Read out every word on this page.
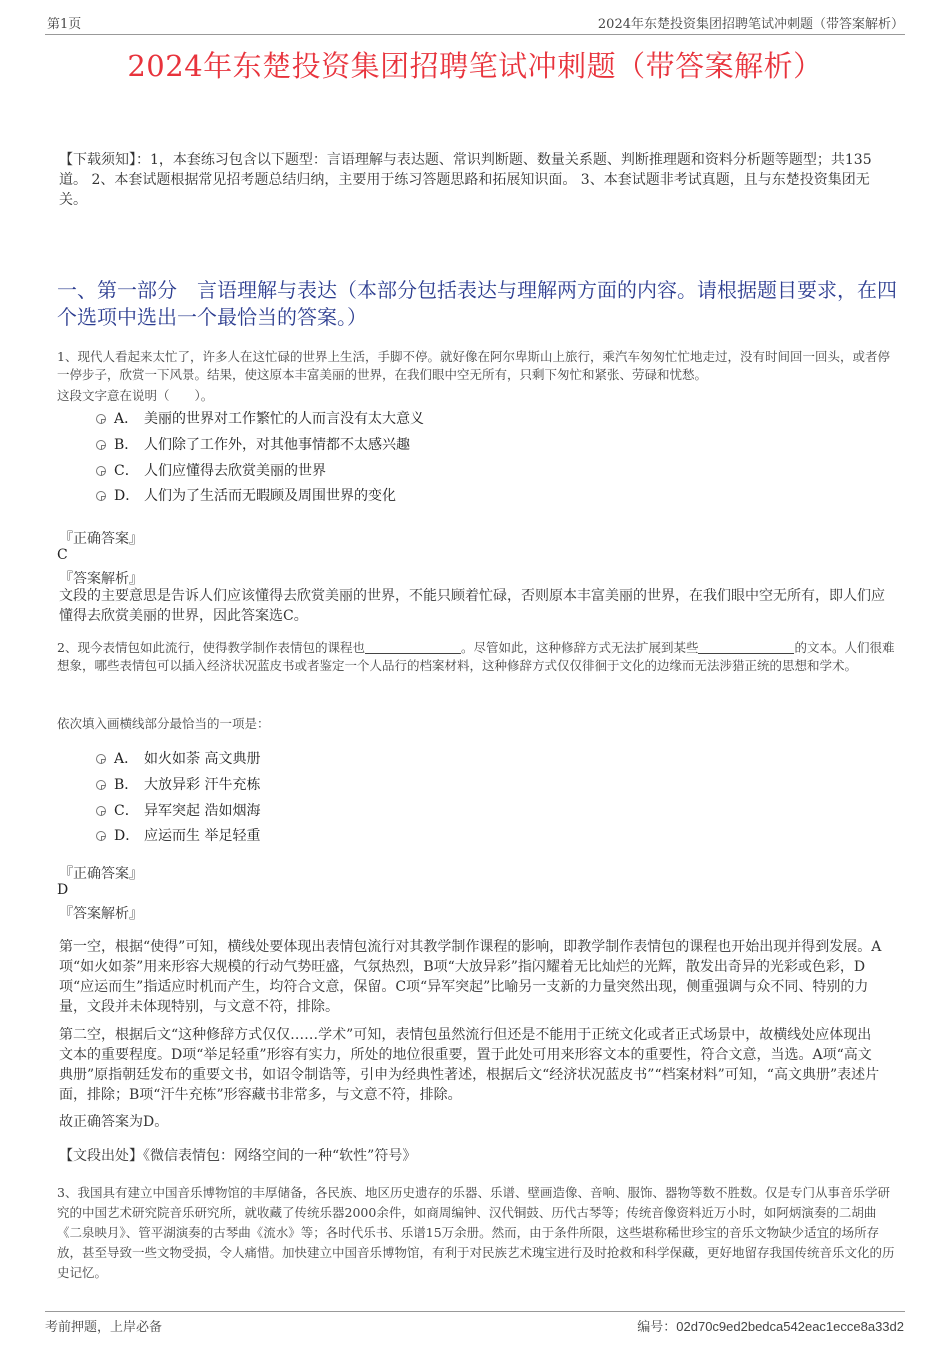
第1页	2024年东楚投资集团招聘笔试冲刺题（带答案解析）
2024年东楚投资集团招聘笔试冲刺题（带答案解析）
【下载须知】：1，本套练习包含以下题型：言语理解与表达题、常识判断题、数量关系题、判断推理题和资料分析题等题型；共135道。 2、本套试题根据常见招考题总结归纳，主要用于练习答题思路和拓展知识面。 3、本套试题非考试真题，且与东楚投资集团无关。
一、第一部分　言语理解与表达（本部分包括表达与理解两方面的内容。请根据题目要求，在四个选项中选出一个最恰当的答案。）
1、现代人看起来太忙了，许多人在这忙碌的世界上生活，手脚不停。就好像在阿尔卑斯山上旅行，乘汽车匆匆忙忙地走过，没有时间回一回头，或者停一停步子，欣赏一下风景。结果，使这原本丰富美丽的世界，在我们眼中空无所有，只剩下匆忙和紧张、劳碌和忧愁。
这段文字意在说明（　　）。
A． 美丽的世界对工作繁忙的人而言没有太大意义
B． 人们除了工作外，对其他事情都不太感兴趣
C． 人们应懂得去欣赏美丽的世界
D． 人们为了生活而无暇顾及周围世界的变化
『正确答案』
C
『答案解析』
文段的主要意思是告诉人们应该懂得去欣赏美丽的世界，不能只顾着忙碌，否则原本丰富美丽的世界，在我们眼中空无所有，即人们应懂得去欣赏美丽的世界，因此答案选C。
2、现今表情包如此流行，使得教学制作表情包的课程也	。尽管如此，这种修辞方式无法扩展到某些	的文本。人们很难想象，哪些表情包可以插入经济状况蓝皮书或者鉴定一个人品行的档案材料，这种修辞方式仅仅徘徊于文化的边缘而无法涉猎正统的思想和学术。
依次填入画横线部分最恰当的一项是：
A． 如火如荼 高文典册
B． 大放异彩 汗牛充栋
C． 异军突起 浩如烟海
D． 应运而生 举足轻重
『正确答案』
D
『答案解析』
第一空，根据“使得”可知，横线处要体现出表情包流行对其教学制作课程的影响，即教学制作表情包的课程也开始出现并得到发展。A项“如火如荼”用来形容大规模的行动气势旺盛，气氛热烈，B项“大放异彩”指闪耀着无比灿烂的光辉，散发出奇异的光彩或色彩，D项“应运而生”指适应时机而产生，均符合文意，保留。C项“异军突起”比喻另一支新的力量突然出现，侧重强调与众不同、特别的力量，文段并未体现特别，与文意不符，排除。
第二空，根据后文“这种修辞方式仅仅……学术”可知，表情包虽然流行但还是不能用于正统文化或者正式场景中，故横线处应体现出文本的重要程度。D项“举足轻重”形容有实力，所处的地位很重要，置于此处可用来形容文本的重要性，符合文意，当选。A项“高文典册”原指朝廷发布的重要文书，如诏令制诰等，引申为经典性著述，根据后文“经济状况蓝皮书”“档案材料”可知，“高文典册”表述片面，排除；B项“汗牛充栋”形容藏书非常多，与文意不符，排除。
故正确答案为D。
【文段出处】《微信表情包：网络空间的一种“软性”符号》
3、我国具有建立中国音乐博物馆的丰厚储备，各民族、地区历史遗存的乐器、乐谱、壁画造像、音响、服饰、器物等数不胜数。仅是专门从事音乐学研究的中国艺术研究院音乐研究所，就收藏了传统乐器2000余件，如商周编钟、汉代铜鼓、历代古琴等；传统音像资料近万小时，如阿炳演奏的二胡曲《二泉映月》、管平湖演奏的古琴曲《流水》等；各时代乐书、乐谱15万余册。然而，由于条件所限，这些堪称稀世珍宝的音乐文物缺少适宜的场所存放，甚至导致一些文物受损，令人痛惜。加快建立中国音乐博物馆，有利于对民族艺术瑰宝进行及时抢救和科学保藏，更好地留存我国传统音乐文化的历史记忆。
考前押题，上岸必备	编号：02d70c9ed2bedca542eac1ecce8a33d2
